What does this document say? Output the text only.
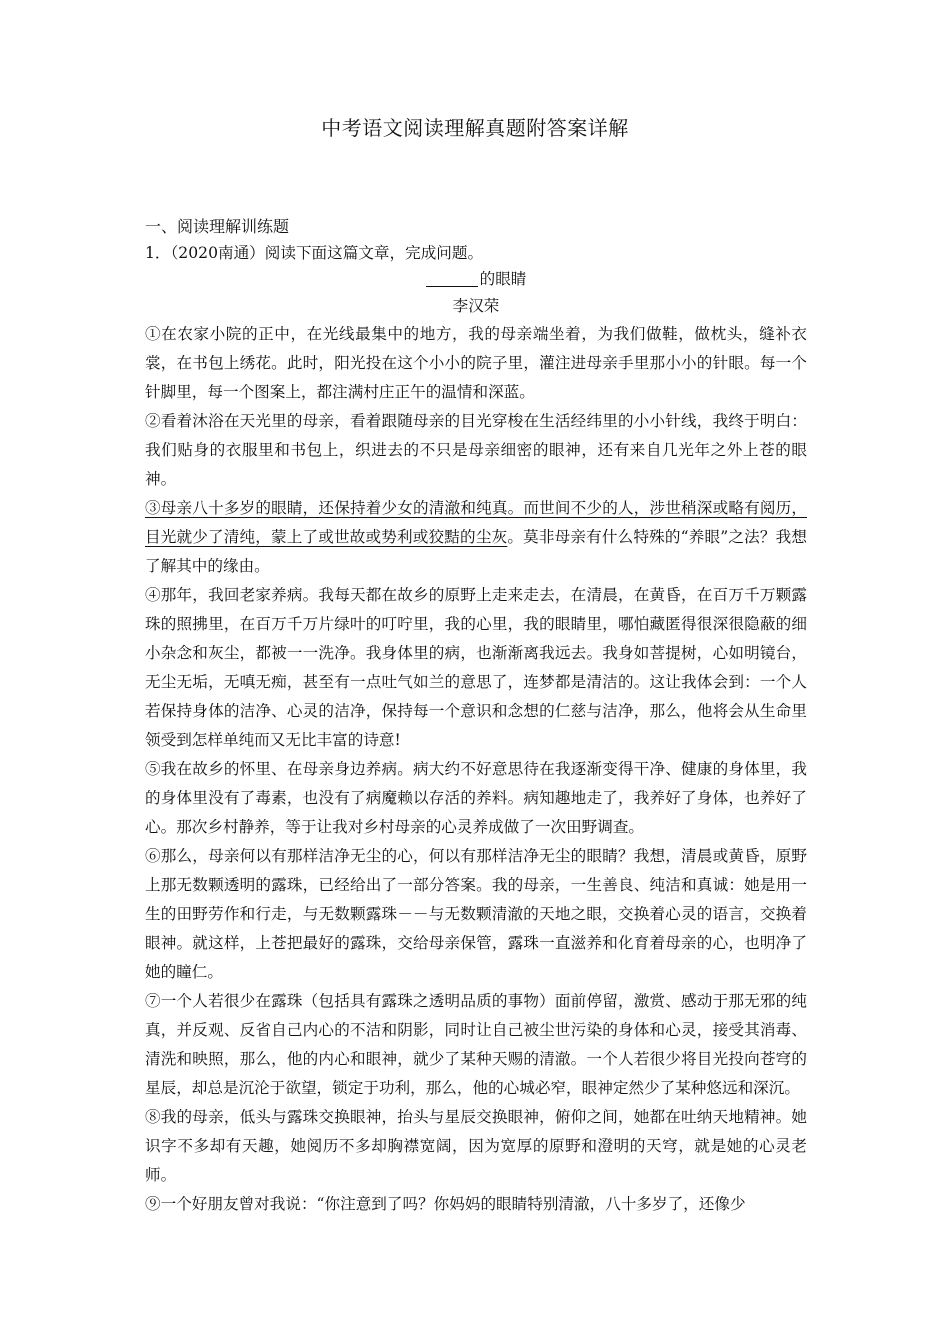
中考语文阅读理解真题附答案详解

一、阅读理解训练题

1．（2020南通）阅读下面这篇文章，完成问题。

的眼睛

李汉荣

①在农家小院的正中，在光线最集中的地方，我的母亲端坐着，为我们做鞋，做枕头，缝补衣裳，在书包上绣花。此时，阳光投在这个小小的院子里，灌注进母亲手里那小小的针眼。每一个针脚里，每一个图案上，都注满村庄正午的温情和深蓝。

②看着沐浴在天光里的母亲，看着跟随母亲的目光穿梭在生活经纬里的小小针线，我终于明白：我们贴身的衣服里和书包上，织进去的不只是母亲细密的眼神，还有来自几光年之外上苍的眼神。

③母亲八十多岁的眼睛，还保持着少女的清澈和纯真。而世间不少的人，涉世稍深或略有阅历，目光就少了清纯，蒙上了或世故或势利或狡黠的尘灰。莫非母亲有什么特殊的“养眼”之法？我想了解其中的缘由。

④那年，我回老家养病。我每天都在故乡的原野上走来走去，在清晨，在黄昏，在百万千万颗露珠的照拂里，在百万千万片绿叶的叮咛里，我的心里，我的眼睛里，哪怕藏匿得很深很隐蔽的细小杂念和灰尘，都被一一洗净。我身体里的病，也渐渐离我远去。我身如菩提树，心如明镜台，无尘无垢，无嗔无痴，甚至有一点吐气如兰的意思了，连梦都是清洁的。这让我体会到：一个人若保持身体的洁净、心灵的洁净，保持每一个意识和念想的仁慈与洁净，那么，他将会从生命里领受到怎样单纯而又无比丰富的诗意!

⑤我在故乡的怀里、在母亲身边养病。病大约不好意思待在我逐渐变得干净、健康的身体里，我的身体里没有了毒素，也没有了病魔赖以存活的养料。病知趣地走了，我养好了身体，也养好了心。那次乡村静养，等于让我对乡村母亲的心灵养成做了一次田野调查。

⑥那么，母亲何以有那样洁净无尘的心，何以有那样洁净无尘的眼睛？我想，清晨或黄昏，原野上那无数颗透明的露珠，已经给出了一部分答案。我的母亲，一生善良、纯洁和真诚：她是用一生的田野劳作和行走，与无数颗露珠－－与无数颗清澈的天地之眼，交换着心灵的语言，交换着眼神。就这样，上苍把最好的露珠，交给母亲保管，露珠一直滋养和化育着母亲的心，也明净了她的瞳仁。

⑦一个人若很少在露珠（包括具有露珠之透明品质的事物）面前停留，激赏、感动于那无邪的纯真，并反观、反省自己内心的不洁和阴影，同时让自己被尘世污染的身体和心灵，接受其消毒、清洗和映照，那么，他的内心和眼神，就少了某种天赐的清澈。一个人若很少将目光投向苍穹的星辰，却总是沉沦于欲望，锁定于功利，那么，他的心城必窄，眼神定然少了某种悠远和深沉。

⑧我的母亲，低头与露珠交换眼神，抬头与星辰交换眼神，俯仰之间，她都在吐纳天地精神。她识字不多却有天趣，她阅历不多却胸襟宽阔，因为宽厚的原野和澄明的天穹，就是她的心灵老师。

⑨一个好朋友曾对我说：“你注意到了吗？你妈妈的眼睛特别清澈，八十多岁了，还像少
